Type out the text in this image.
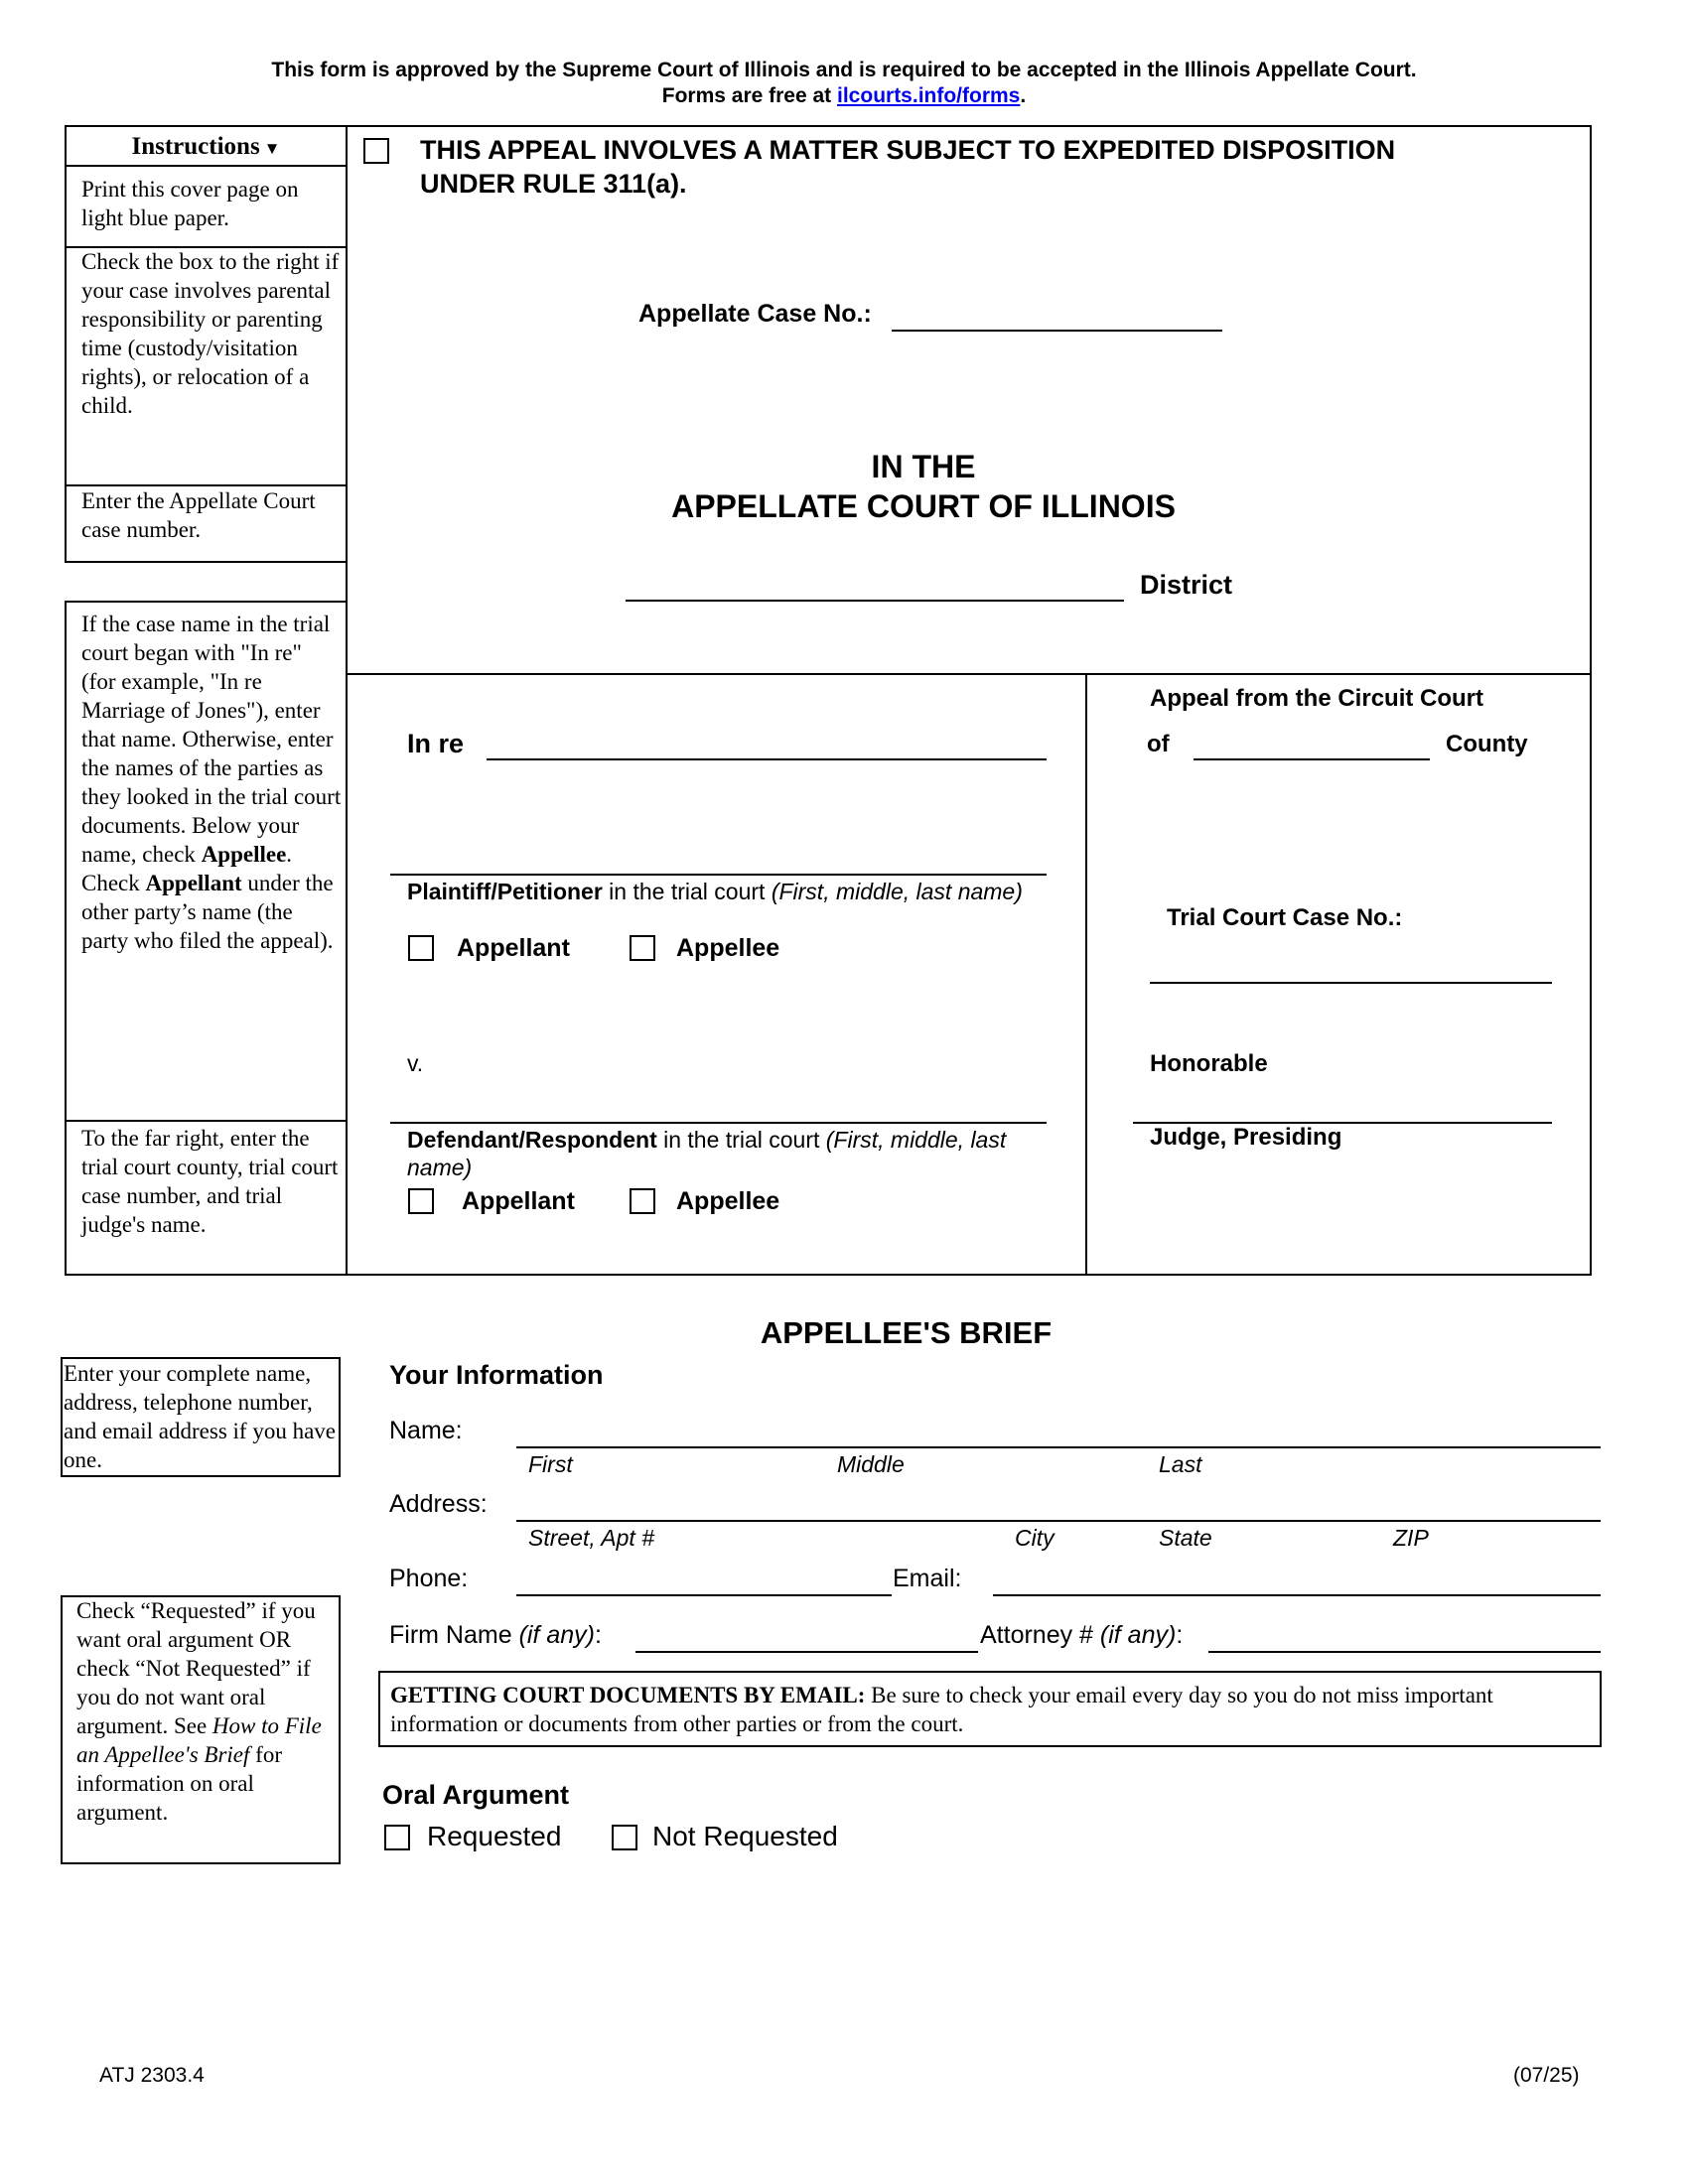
This form is approved by the Supreme Court of Illinois and is required to be accepted in the Illinois Appellate Court.
Forms are free at ilcourts.info/forms.
Instructions ▼
Print this cover page on light blue paper.
Check the box to the right if your case involves parental responsibility or parenting time (custody/visitation rights), or relocation of a child.
Enter the Appellate Court case number.
If the case name in the trial court began with "In re" (for example, "In re Marriage of Jones"), enter that name. Otherwise, enter the names of the parties as they looked in the trial court documents. Below your name, check Appellee. Check Appellant under the other party’s name (the party who filed the appeal).
To the far right, enter the trial court county, trial court case number, and trial judge's name.
THIS APPEAL INVOLVES A MATTER SUBJECT TO EXPEDITED DISPOSITION
UNDER RULE 311(a).
Appellate Case No.:
IN THE
APPELLATE COURT OF ILLINOIS
District
In re
Plaintiff/Petitioner in the trial court (First, middle, last name)
Appellant	Appellee
v.
Defendant/Respondent in the trial court (First, middle, last name)
Appellant	Appellee
Appeal from the Circuit Court
of	County
Trial Court Case No.:
Honorable
Judge, Presiding
APPELLEE'S BRIEF
Enter your complete name, address, telephone number, and email address if you have one.
Your Information
Name:
First	Middle	Last
Address:
Street, Apt #	City	State	ZIP
Phone:	Email:
Firm Name (if any):	Attorney # (if any):
GETTING COURT DOCUMENTS BY EMAIL: Be sure to check your email every day so you do not miss important information or documents from other parties or from the court.
Check “Requested” if you want oral argument OR check “Not Requested” if you do not want oral argument. See How to File an Appellee's Brief for information on oral argument.
Oral Argument
Requested	Not Requested
ATJ 2303.4	(07/25)
